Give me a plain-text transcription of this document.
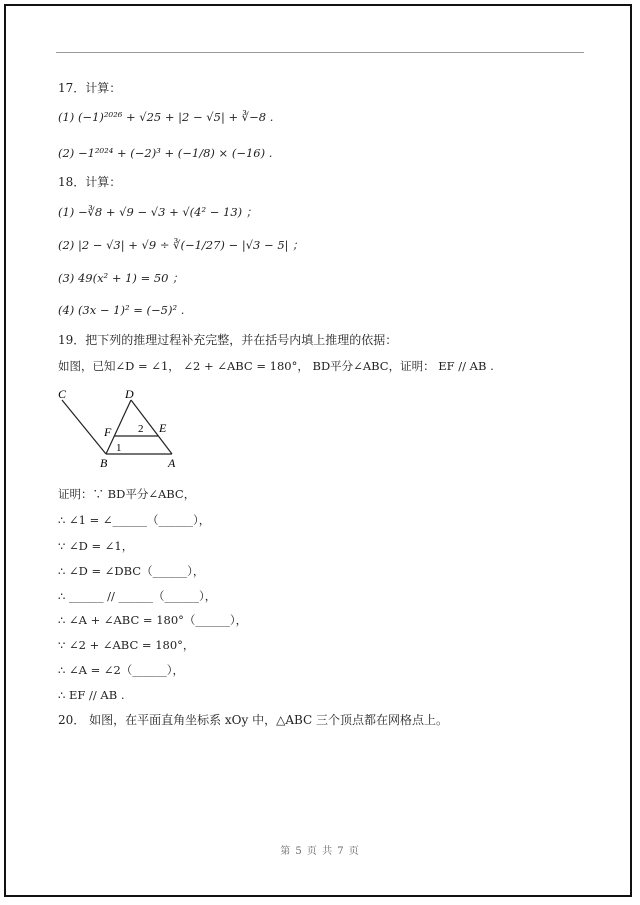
17．计算：
(1) (−1)²⁰²⁶ + √25 + |2 − √5| + ∛−8 .
(2) −1²⁰²⁴ + (−2)³ + (−1/8) × (−16) .
18．计算：
(1) −∛8 + √9 − √3 + √(4² − 13) ；
(2) |2 − √3| + √9 ÷ ∛(−1/27) − |√3 − 5| ；
(3) 49(x² + 1) = 50 ；
(4) (3x − 1)² = (−5)² .
19．把下列的推理过程补充完整，并在括号内填上推理的依据：
如图，已知∠D = ∠1， ∠2 + ∠ABC = 180°， BD平分∠ABC，证明： EF // AB .
C	D
F 2 E
1
B	A
证明：∵ BD平分∠ABC，
∴ ∠1 = ∠______（______），
∵ ∠D = ∠1，
∴ ∠D = ∠DBC（______），
∴ ______ // ______（______），
∴ ∠A + ∠ABC = 180°（______），
∵ ∠2 + ∠ABC = 180°，
∴ ∠A = ∠2（______），
∴ EF // AB .
20． 如图，在平面直角坐标系 xOy 中，△ABC 三个顶点都在网格点上。
第 5 页 共 7 页
